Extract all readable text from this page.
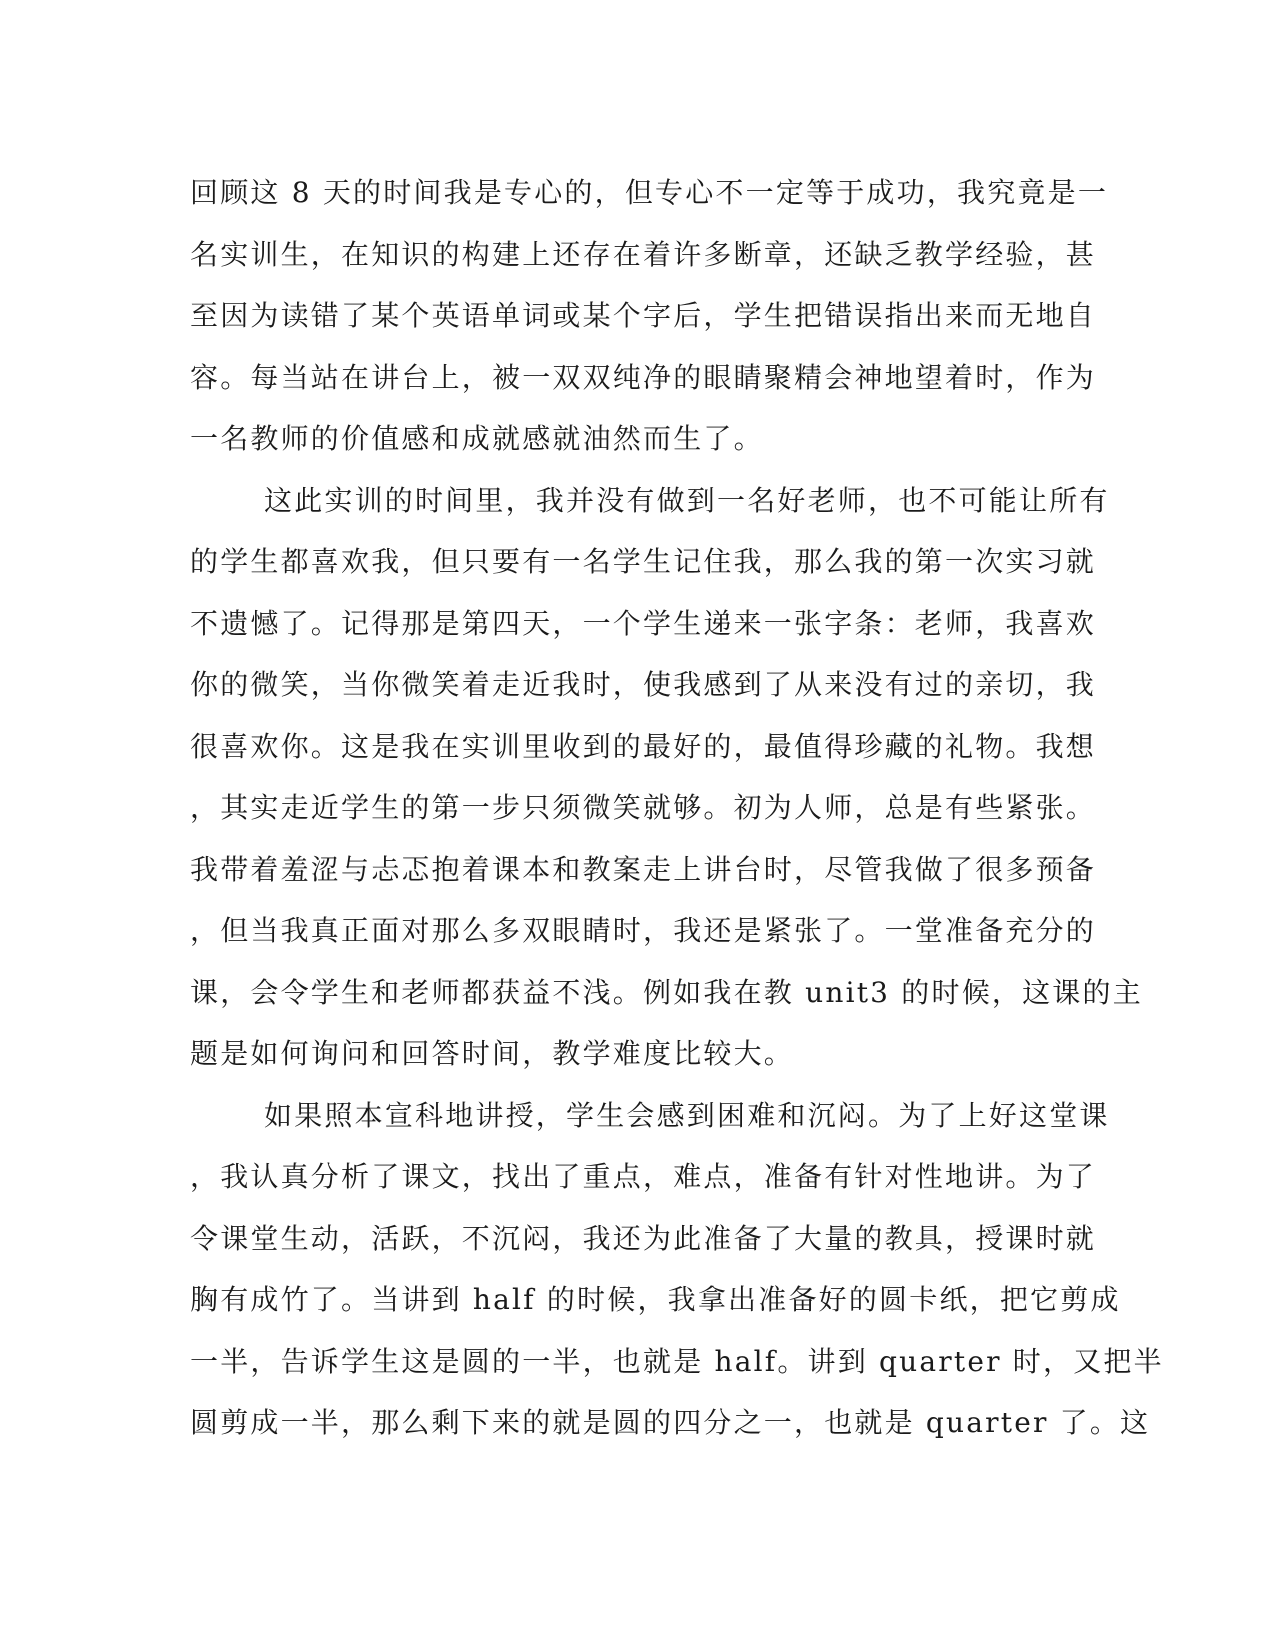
回顾这 8 天的时间我是专心的，但专心不一定等于成功，我究竟是一
名实训生，在知识的构建上还存在着许多断章，还缺乏教学经验，甚
至因为读错了某个英语单词或某个字后，学生把错误指出来而无地自
容。每当站在讲台上，被一双双纯净的眼睛聚精会神地望着时，作为
一名教师的价值感和成就感就油然而生了。
这此实训的时间里，我并没有做到一名好老师，也不可能让所有
的学生都喜欢我，但只要有一名学生记住我，那么我的第一次实习就
不遗憾了。记得那是第四天，一个学生递来一张字条：老师，我喜欢
你的微笑，当你微笑着走近我时，使我感到了从来没有过的亲切，我
很喜欢你。这是我在实训里收到的最好的，最值得珍藏的礼物。我想
，其实走近学生的第一步只须微笑就够。初为人师，总是有些紧张。
我带着羞涩与忐忑抱着课本和教案走上讲台时，尽管我做了很多预备
，但当我真正面对那么多双眼睛时，我还是紧张了。一堂准备充分的
课，会令学生和老师都获益不浅。例如我在教 unit3 的时候，这课的主
题是如何询问和回答时间，教学难度比较大。
如果照本宣科地讲授，学生会感到困难和沉闷。为了上好这堂课
，我认真分析了课文，找出了重点，难点，准备有针对性地讲。为了
令课堂生动，活跃，不沉闷，我还为此准备了大量的教具，授课时就
胸有成竹了。当讲到 half 的时候，我拿出准备好的圆卡纸，把它剪成
一半，告诉学生这是圆的一半，也就是 half。讲到 quarter 时，又把半
圆剪成一半，那么剩下来的就是圆的四分之一，也就是 quarter 了。这
